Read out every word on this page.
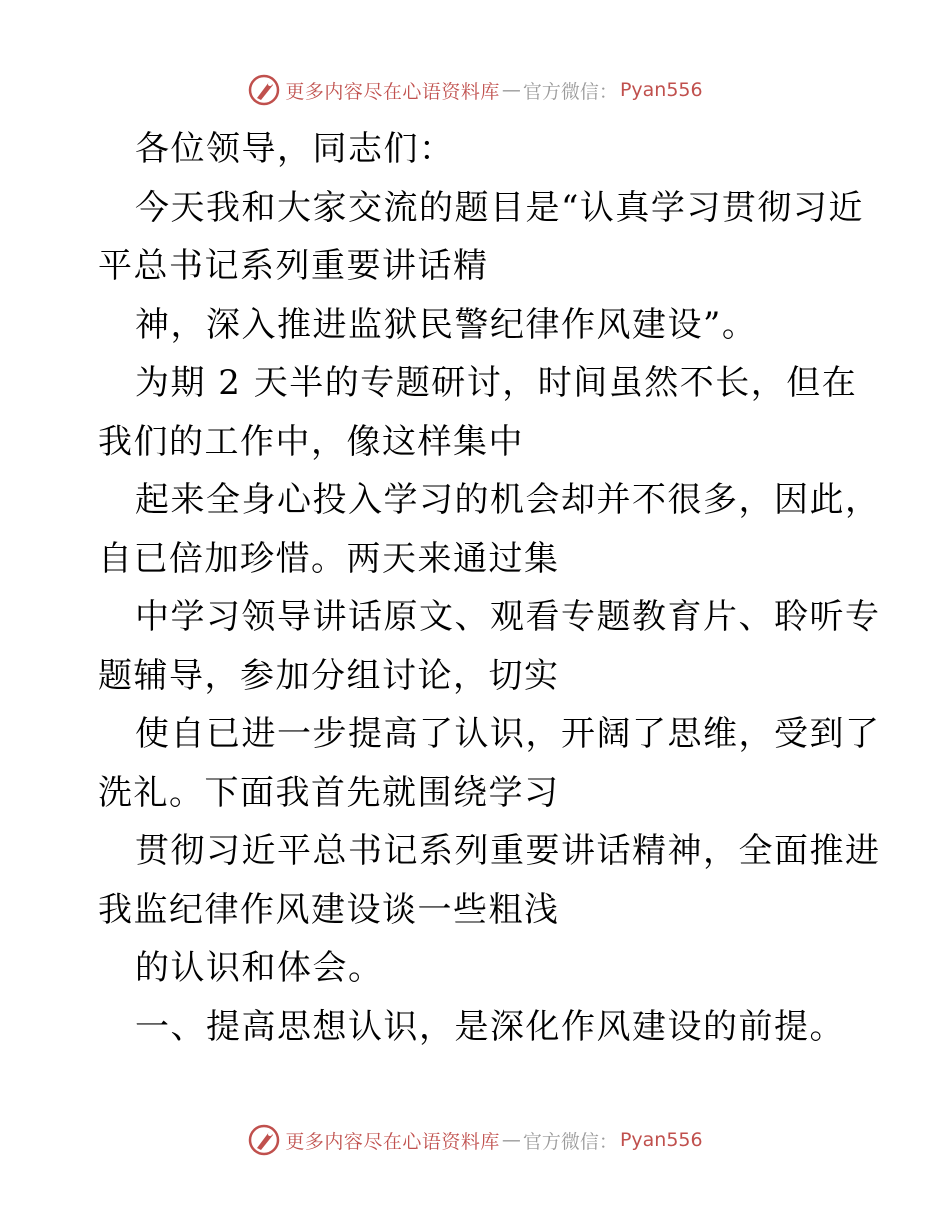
更多内容尽在心语资料库 — 官方微信： Pyan556
各位领导，同志们：
今天我和大家交流的题目是“认真学习贯彻习近
平总书记系列重要讲话精
神，深入推进监狱民警纪律作风建设”。
为期 2 天半的专题研讨，时间虽然不长，但在
我们的工作中，像这样集中
起来全身心投入学习的机会却并不很多，因此，
自已倍加珍惜。两天来通过集
中学习领导讲话原文、观看专题教育片、聆听专
题辅导，参加分组讨论，切实
使自已进一步提高了认识，开阔了思维，受到了
洗礼。下面我首先就围绕学习
贯彻习近平总书记系列重要讲话精神，全面推进
我监纪律作风建设谈一些粗浅
的认识和体会。
一、提高思想认识，是深化作风建设的前提。
更多内容尽在心语资料库 — 官方微信： Pyan556
